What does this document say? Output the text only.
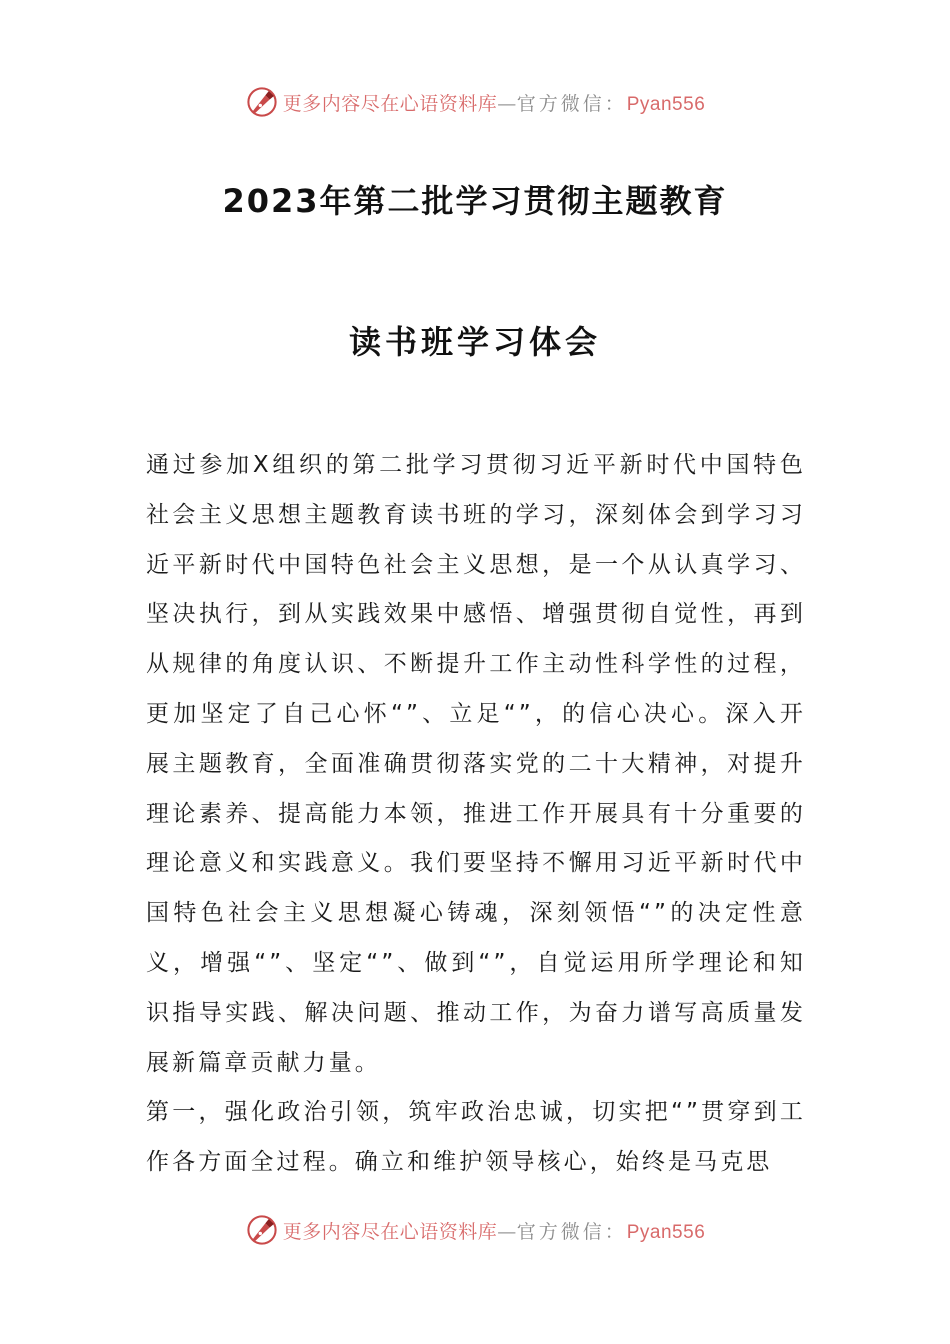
更多内容尽在心语资料库—官方微信：Pyan556
2023年第二批学习贯彻主题教育
读书班学习体会

通过参加X组织的第二批学习贯彻习近平新时代中国特色社会主义思想主题教育读书班的学习，深刻体会到学习习近平新时代中国特色社会主义思想，是一个从认真学习、坚决执行，到从实践效果中感悟、增强贯彻自觉性，再到从规律的角度认识、不断提升工作主动性科学性的过程，更加坚定了自己心怀“”、立足“”，的信心决心。深入开展主题教育，全面准确贯彻落实党的二十大精神，对提升理论素养、提高能力本领，推进工作开展具有十分重要的理论意义和实践意义。我们要坚持不懈用习近平新时代中国特色社会主义思想凝心铸魂，深刻领悟“”的决定性意义，增强“”、坚定“”、做到“”，自觉运用所学理论和知识指导实践、解决问题、推动工作，为奋力谱写高质量发展新篇章贡献力量。

第一，强化政治引领，筑牢政治忠诚，切实把“”贯穿到工作各方面全过程。确立和维护领导核心，始终是马克思

更多内容尽在心语资料库—官方微信：Pyan556
